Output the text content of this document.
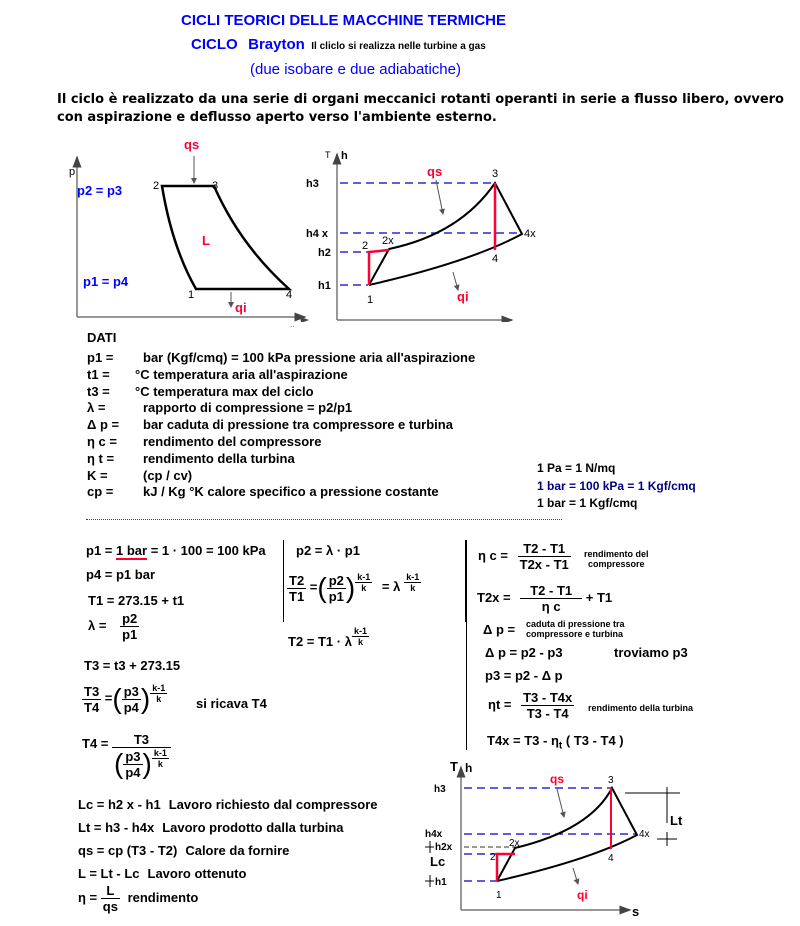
CICLI TEORICI DELLE MACCHINE TERMICHE
CICLO Brayton Il cliclo si realizza nelle turbine a gas
(due isobare e due adiabatiche)
Il ciclo è realizzato da una serie di organi meccanici rotanti operanti in serie a flusso libero, ovvero
con aspirazione e deflusso aperto verso l'ambiente esterno.
p
..
2	3
1	4
qs
L
qi
p2 = p3
p1 = p4
T h
h3
h4 x
h2
h1
2 2x
3
4
4x
1
qs
qi
DATI
p1 = bar (Kgf/cmq) = 100 kPa pressione aria all'aspirazione
t1 = °C temperatura aria all'aspirazione
t3 = °C temperatura max del ciclo
λ =	rapporto di compressione = p2/p1
Δ p = bar caduta di pressione tra compressore e turbina
η c = rendimento del compressore
η t = rendimento della turbina
K =	(cp / cv)
cp = kJ / Kg °K calore specifico a pressione costante
1 Pa = 1 N/mq
1 bar = 100 kPa = 1 Kgf/cmq
1 bar = 1 Kgf/cmq
p1 = 1 bar = 1 · 100 = 100 kPa
p4 = p1 bar
T1 = 273.15 + t1
$\lambda = \frac{p2}{p1}$
T3 = t3 + 273.15
$\frac{T3}{T4}$ =( $\frac{p3}{p4}$ ) $\frac{k-1}{k}$ si ricava T4
$T4 = \frac{T3}{( \frac{p3}{p4} ) \frac{k-1}{k}}$
p2 = λ · p1
$\frac{T2}{T1}$ =( $\frac{p2}{p1}$ ) $\frac{k-1}{k} = \lambda \frac{k-1}{k}$
T2 = T1 · λ $\frac{k-1}{k}$
η $c = \frac{T2 - T1}{T2x - T1}$ rendimento del
compressore
$T2x = \frac{T2 - T1}{\text{η c}} + T1$
Δ p = caduta di pressione tra
compressore e turbina
Δ p = p2 - p3	troviamo p3
p3 = p2 - Δ p
$\eta t = \frac{T3 - T4x}{T3 - T4}$ rendimento della turbina
$T4x = T3 - \eta_t$ ( T3 - T4 )
Lc = h2 x - h1 Lavoro richiesto dal compressore
Lt = h3 - h4x Lavoro prodotto dalla turbina
qs = cp (T3 - T2) Calore da fornire
L = Lt - Lc Lavoro ottenuto
$\eta = \frac{L}{qs}$ rendimento
T h
s
h3
h4x
h2x
h1
Lc
Lt
2
2x
3
4
4x
1
qs
qi
